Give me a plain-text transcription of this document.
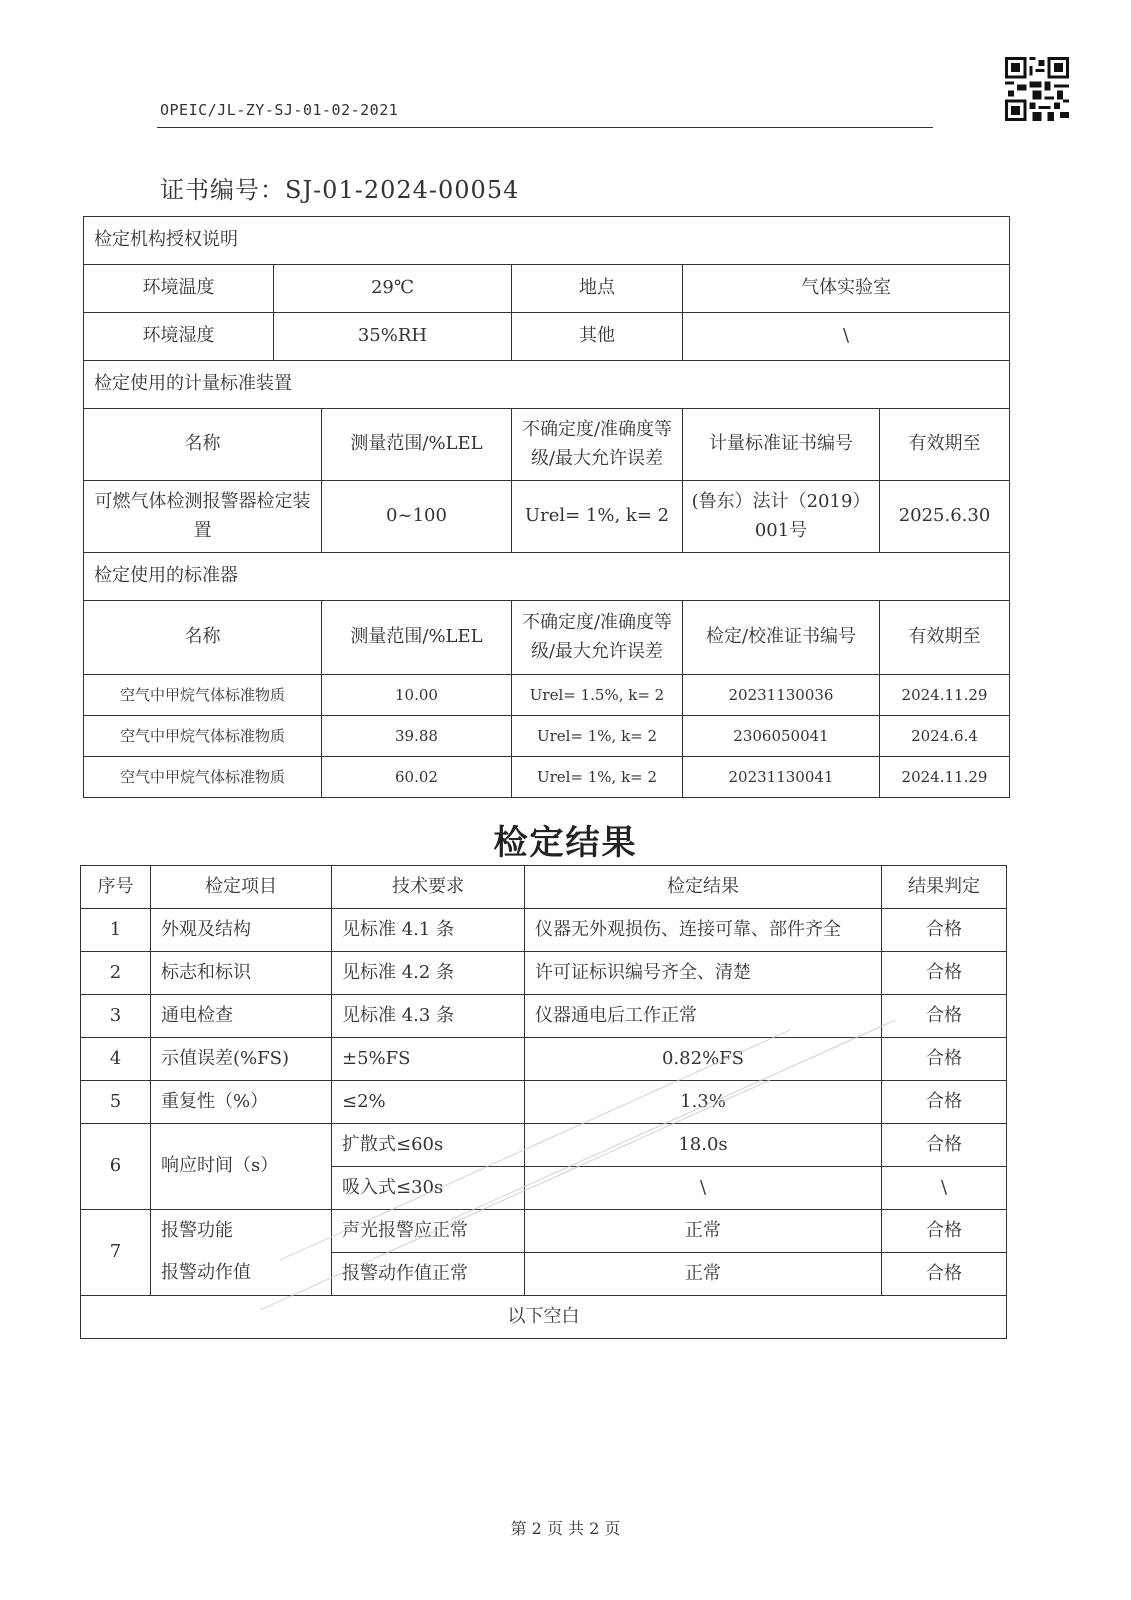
OPEIC/JL-ZY-SJ-01-02-2021
证书编号：SJ-01-2024-00054
检定机构授权说明					
环境温度	29℃		地点	气体实验室	
环境湿度	35%RH		其他	\	
检定使用的计量标准装置					
名称		测量范围/%LEL	不确定度/准确度等级/最大允许误差	计量标准证书编号	有效期至
可燃气体检测报警器检定装置		0~100	Urel= 1%, k= 2	(鲁东）法计（2019）001号	2025.6.30
检定使用的标准器					
名称		测量范围/%LEL	不确定度/准确度等级/最大允许误差	检定/校准证书编号	有效期至
空气中甲烷气体标准物质		10.00	Urel= 1.5%, k= 2	20231130036	2024.11.29
空气中甲烷气体标准物质		39.88	Urel= 1%, k= 2	2306050041	2024.6.4
空气中甲烷气体标准物质		60.02	Urel= 1%, k= 2	20231130041	2024.11.29
检定结果
序号	检定项目	技术要求	检定结果	结果判定
1	外观及结构	见标准 4.1 条	仪器无外观损伤、连接可靠、部件齐全	合格
2	标志和标识	见标准 4.2 条	许可证标识编号齐全、清楚	合格
3	通电检查	见标准 4.3 条	仪器通电后工作正常	合格
4	示值误差(%FS)	±5%FS	0.82%FS	合格
5	重复性（%）	≤2%	1.3%	合格
6	响应时间（s）	扩散式≤60s	18.0s	合格
		吸入式≤30s	\	\
7	报警功能	声光报警应正常	正常	合格
	报警动作值	报警动作值正常	正常	合格
以下空白				
第 2 页 共 2 页
